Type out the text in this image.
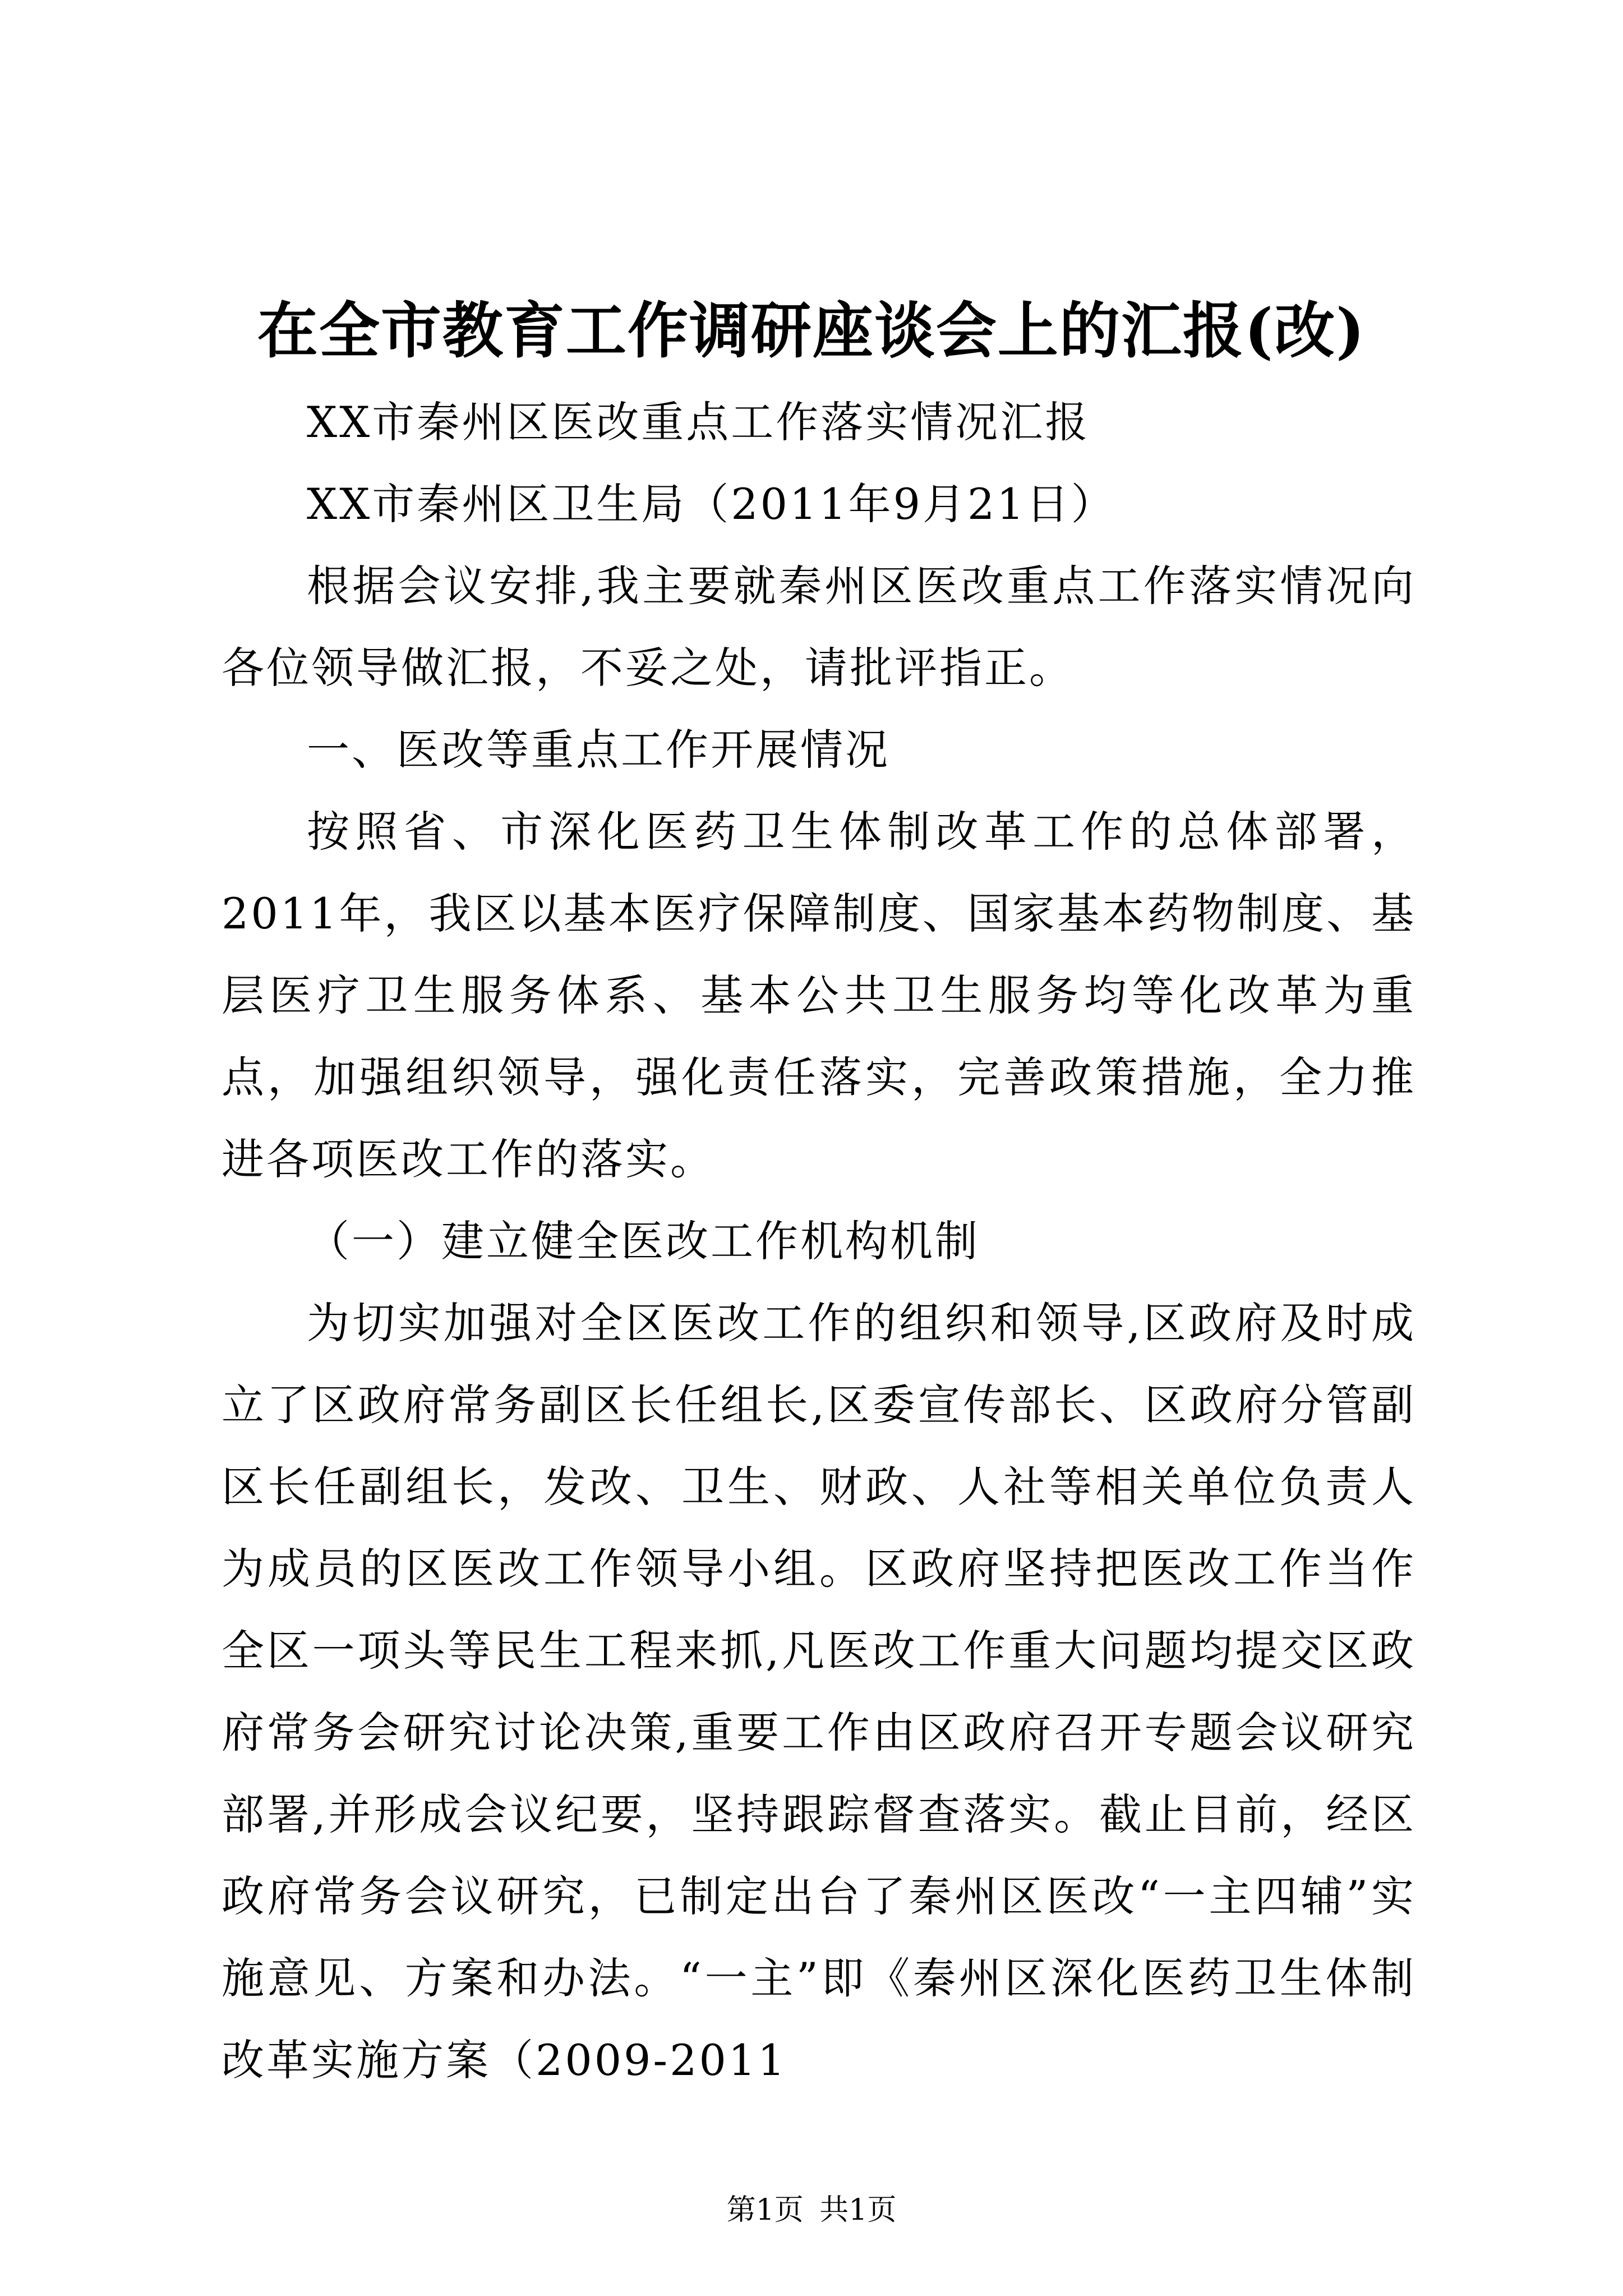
在全市教育工作调研座谈会上的汇报(改)

XX市秦州区医改重点工作落实情况汇报

XX市秦州区卫生局（2011年9月21日）

根据会议安排,我主要就秦州区医改重点工作落实情况向各位领导做汇报，不妥之处，请批评指正。

一、医改等重点工作开展情况

按照省、市深化医药卫生体制改革工作的总体部署，2011年，我区以基本医疗保障制度、国家基本药物制度、基层医疗卫生服务体系、基本公共卫生服务均等化改革为重点，加强组织领导，强化责任落实，完善政策措施，全力推进各项医改工作的落实。

（一）建立健全医改工作机构机制

为切实加强对全区医改工作的组织和领导,区政府及时成立了区政府常务副区长任组长,区委宣传部长、区政府分管副区长任副组长，发改、卫生、财政、人社等相关单位负责人为成员的区医改工作领导小组。区政府坚持把医改工作当作全区一项头等民生工程来抓,凡医改工作重大问题均提交区政府常务会研究讨论决策,重要工作由区政府召开专题会议研究部署,并形成会议纪要，坚持跟踪督查落实。截止目前，经区政府常务会议研究，已制定出台了秦州区医改“一主四辅”实施意见、方案和办法。“一主”即《秦州区深化医药卫生体制改革实施方案（2009-2011

第1页 共1页
